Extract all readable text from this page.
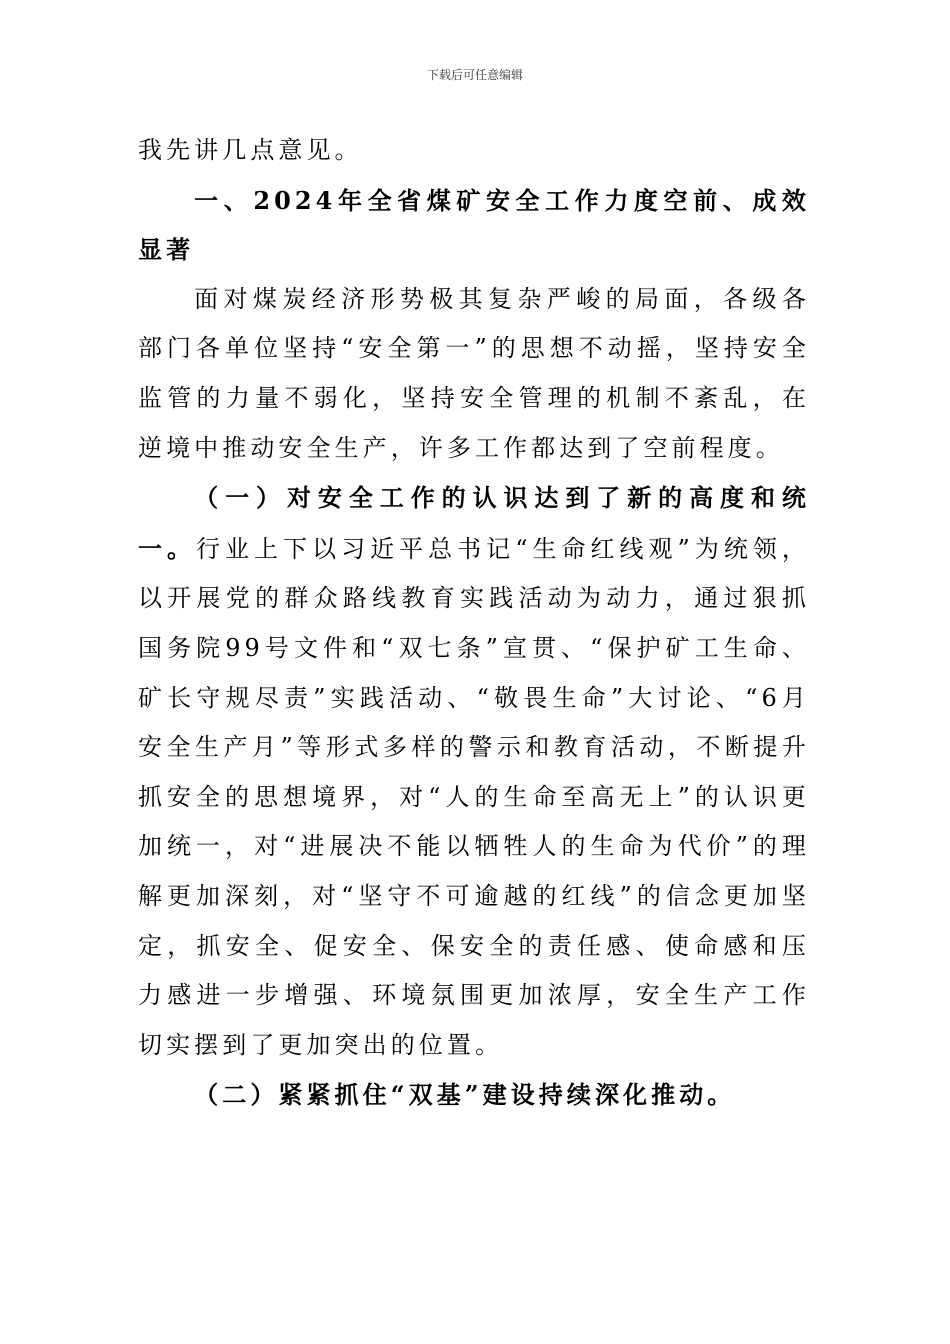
下载后可任意编辑

我先讲几点意见。

一、2024年全省煤矿安全工作力度空前、成效显著

面对煤炭经济形势极其复杂严峻的局面，各级各部门各单位坚持“安全第一”的思想不动摇，坚持安全监管的力量不弱化，坚持安全管理的机制不紊乱，在逆境中推动安全生产，许多工作都达到了空前程度。

（一）对安全工作的认识达到了新的高度和统一。行业上下以习近平总书记“生命红线观”为统领，以开展党的群众路线教育实践活动为动力，通过狠抓国务院99号文件和“双七条”宣贯、“保护矿工生命、矿长守规尽责”实践活动、“敬畏生命”大讨论、“6月安全生产月”等形式多样的警示和教育活动，不断提升抓安全的思想境界，对“人的生命至高无上”的认识更加统一，对“进展决不能以牺牲人的生命为代价”的理解更加深刻，对“坚守不可逾越的红线”的信念更加坚定，抓安全、促安全、保安全的责任感、使命感和压力感进一步增强、环境氛围更加浓厚，安全生产工作切实摆到了更加突出的位置。

（二）紧紧抓住“双基”建设持续深化推动。
